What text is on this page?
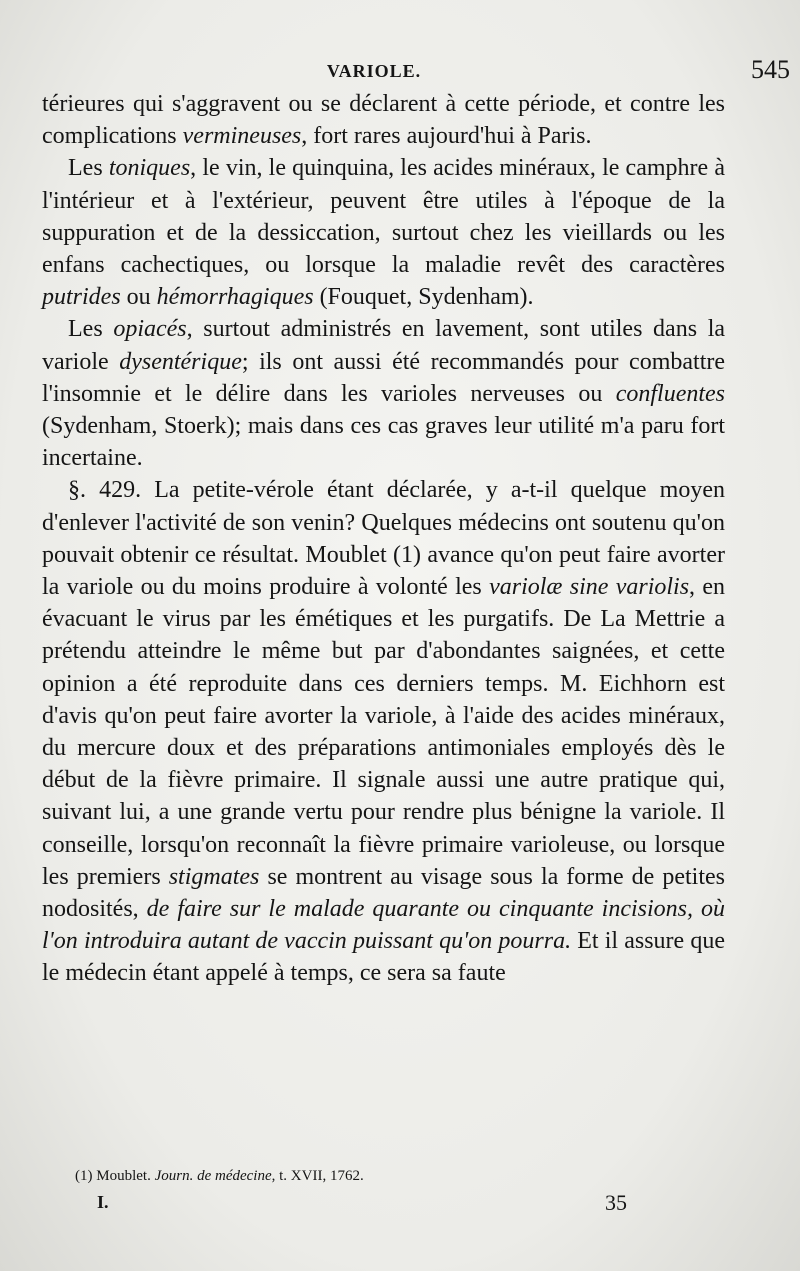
VARIOLE.	545

térieures qui s'aggravent ou se déclarent à cette période, et contre les complications vermineuses, fort rares aujourd'hui à Paris.

Les toniques, le vin, le quinquina, les acides minéraux, le camphre à l'intérieur et à l'extérieur, peuvent être utiles à l'époque de la suppuration et de la dessiccation, surtout chez les vieillards ou les enfans cachectiques, ou lorsque la maladie revêt des caractères putrides ou hémorrhagiques (Fouquet, Sydenham).

Les opiacés, surtout administrés en lavement, sont utiles dans la variole dysentérique; ils ont aussi été recommandés pour combattre l'insomnie et le délire dans les varioles nerveuses ou confluentes (Sydenham, Stoerk); mais dans ces cas graves leur utilité m'a paru fort incertaine.

§. 429. La petite-vérole étant déclarée, y a-t-il quelque moyen d'enlever l'activité de son venin? Quelques médecins ont soutenu qu'on pouvait obtenir ce résultat. Moublet (1) avance qu'on peut faire avorter la variole ou du moins produire à volonté les variolæ sine variolis, en évacuant le virus par les émétiques et les purgatifs. De La Mettrie a prétendu atteindre le même but par d'abondantes saignées, et cette opinion a été reproduite dans ces derniers temps. M. Eichhorn est d'avis qu'on peut faire avorter la variole, à l'aide des acides minéraux, du mercure doux et des préparations antimoniales employés dès le début de la fièvre primaire. Il signale aussi une autre pratique qui, suivant lui, a une grande vertu pour rendre plus bénigne la variole. Il conseille, lorsqu'on reconnaît la fièvre primaire varioleuse, ou lorsque les premiers stigmates se montrent au visage sous la forme de petites nodosités, de faire sur le malade quarante ou cinquante incisions, où l'on introduira autant de vaccin puissant qu'on pourra. Et il assure que le médecin étant appelé à temps, ce sera sa faute

(1) Moublet. Journ. de médecine, t. XVII, 1762.
I.	35
